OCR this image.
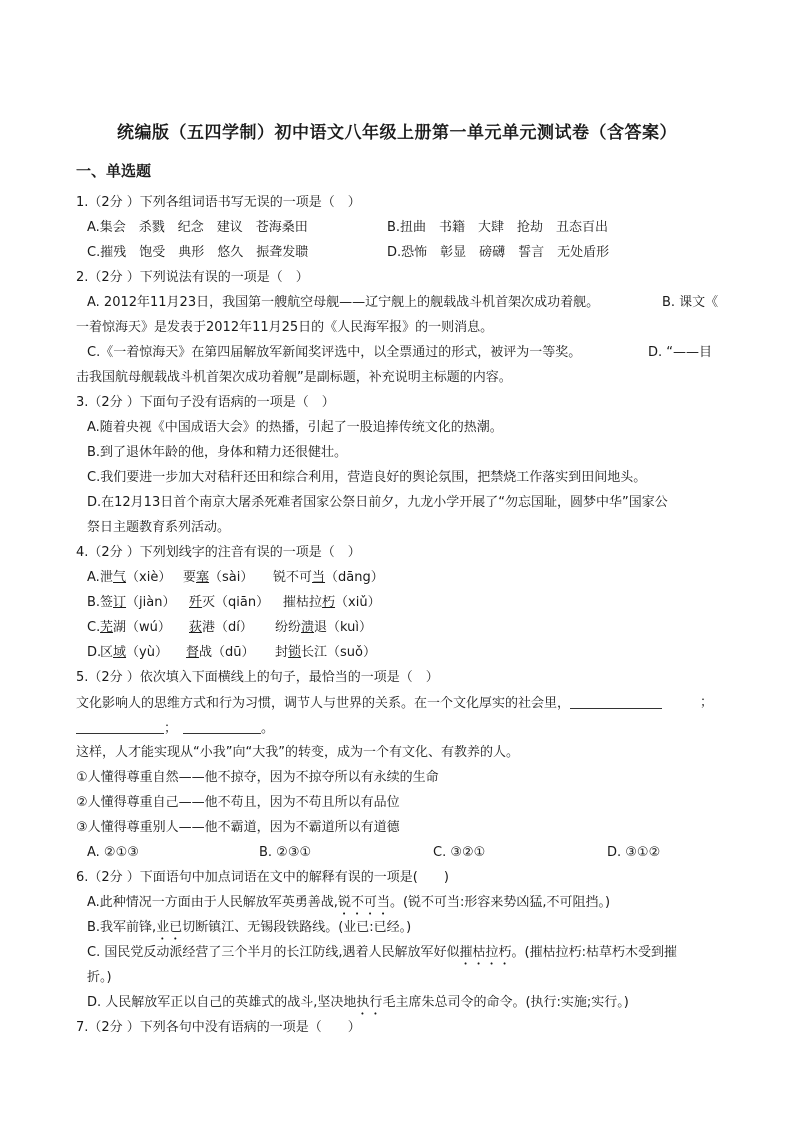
统编版（五四学制）初中语文八年级上册第一单元单元测试卷（含答案）
一、单选题
1.（2分 ）下列各组词语书写无误的一项是（　）
A.集会　杀戮　纪念　建议　苍海桑田	B.扭曲　书籍　大肆　抢劫　丑态百出
C.摧残　饱受　典形　悠久　振聋发聩	D.恐怖　彰显　磅礴　誓言　无处盾形
2.（2分 ）下列说法有误的一项是（　）
A. 2012年11月23日，我国第一艘航空母舰——辽宁舰上的舰载战斗机首架次成功着舰。	B. 课文《
一着惊海天》是发表于2012年11月25日的《人民海军报》的一则消息。
C.《一着惊海天》在第四届解放军新闻奖评选中，以全票通过的形式，被评为一等奖。	D. “——目
击我国航母舰载战斗机首架次成功着舰”是副标题，补充说明主标题的内容。
3.（2分 ）下面句子没有语病的一项是（　）
A.随着央视《中国成语大会》的热播，引起了一股追捧传统文化的热潮。
B.到了退休年龄的他，身体和精力还很健壮。
C.我们要进一步加大对秸秆还田和综合利用，营造良好的舆论氛围，把禁烧工作落实到田间地头。
D.在12月13日首个南京大屠杀死难者国家公祭日前夕，九龙小学开展了“勿忘国耻，圆梦中华”国家公
祭日主题教育系列活动。
4.（2分 ）下列划线字的注音有误的一项是（　）
A. 泄气（xiè） 要塞（sài） 锐不可当（dāng）
B. 签订（jiàn） 歼灭（qiān） 摧枯拉朽（xiǔ）
C. 芜湖（wú） 荻港（dí） 纷纷溃退（kuì）
D.
区域（yù） 督战（dū） 封锁长江（suǒ）
5.（2分 ）依次填入下面横线上的句子，最恰当的一项是（　）
文化影响人的思维方式和行为习惯，调节人与世界的关系。在一个文化厚实的社会里，	；
；	。
这样，人才能实现从“小我”向“大我”的转变，成为一个有文化、有教养的人。
①人懂得尊重自然——他不掠夺，因为不掠夺所以有永续的生命
②人懂得尊重自己——他不苟且，因为不苟且所以有品位
③人懂得尊重别人——他不霸道，因为不霸道所以有道德
A. ②①③	B. ②③①	C. ③②①	D. ③①②
6.（2分 ）下面语句中加点词语在文中的解释有误的一项是(　　)
A.此种情况一方面由于人民解放军英勇善战,锐不可当。(锐不可当:形容来势凶猛,不可阻挡。)
B.我军前锋,业已切断镇江、无锡段铁路线。(业已:已经。)
C. 国民党反动派经营了三个半月的长江防线,遇着人民解放军好似摧枯拉朽。(摧枯拉朽:枯草朽木受到摧
折。)
D. 人民解放军正以自己的英雄式的战斗,坚决地执行毛主席朱总司令的命令。(执行:实施;实行。)
7.（2分 ）下列各句中没有语病的一项是（　　）
